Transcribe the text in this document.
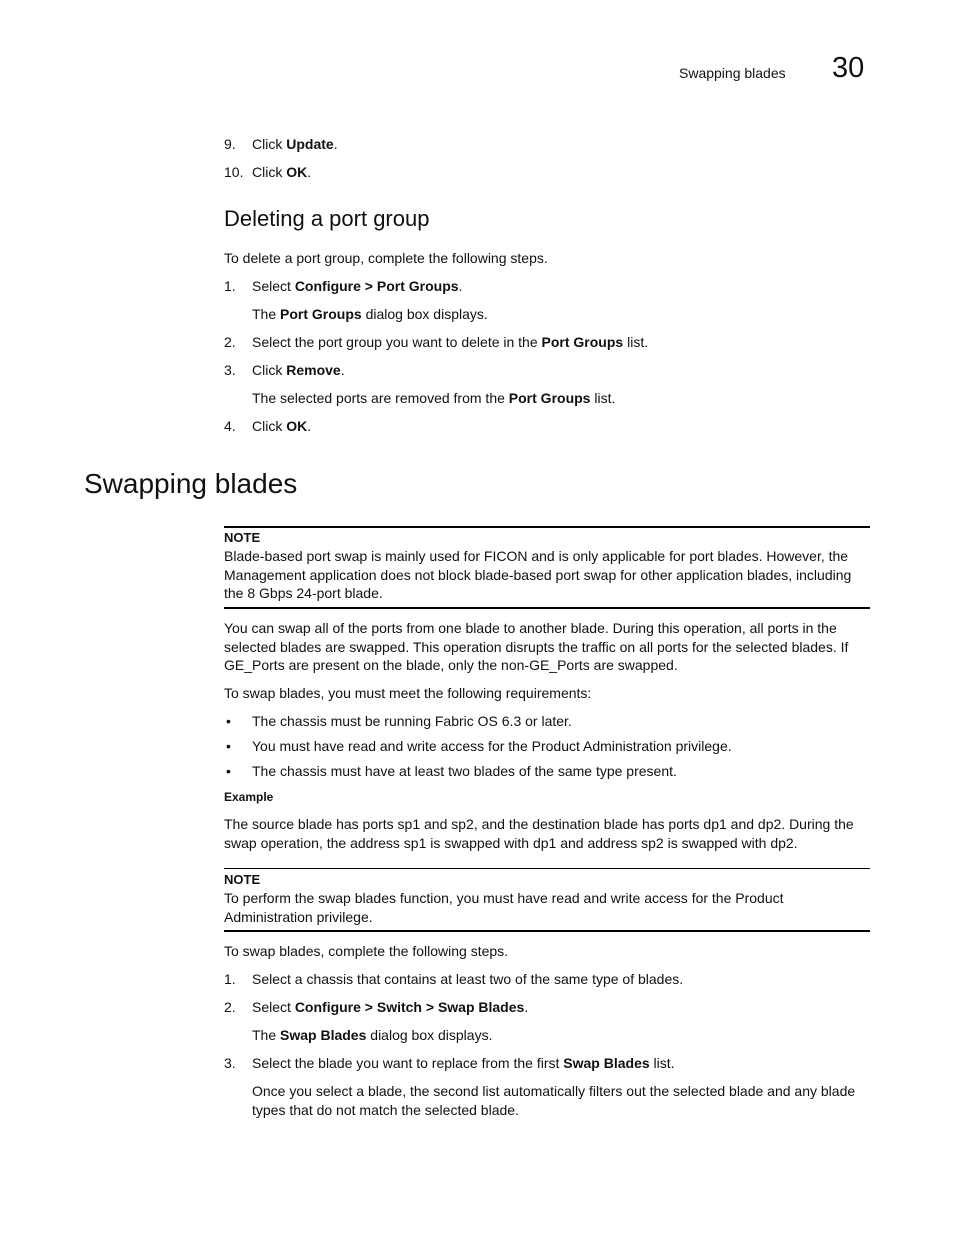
Swapping blades 30
9.	Click Update.
10. Click OK.
Deleting a port group
To delete a port group, complete the following steps.
1.	Select Configure > Port Groups.
The Port Groups dialog box displays.
2.	Select the port group you want to delete in the Port Groups list.
3.	Click Remove.
The selected ports are removed from the Port Groups list.
4.	Click OK.
Swapping blades
NOTE
Blade-based port swap is mainly used for FICON and is only applicable for port blades. However, the Management application does not block blade-based port swap for other application blades, including the 8 Gbps 24-port blade.
You can swap all of the ports from one blade to another blade. During this operation, all ports in the selected blades are swapped. This operation disrupts the traffic on all ports for the selected blades. If GE_Ports are present on the blade, only the non-GE_Ports are swapped.
To swap blades, you must meet the following requirements:
• The chassis must be running Fabric OS 6.3 or later.
• You must have read and write access for the Product Administration privilege.
• The chassis must have at least two blades of the same type present.
Example
The source blade has ports sp1 and sp2, and the destination blade has ports dp1 and dp2. During the swap operation, the address sp1 is swapped with dp1 and address sp2 is swapped with dp2.
NOTE
To perform the swap blades function, you must have read and write access for the Product Administration privilege.
To swap blades, complete the following steps.
1.	Select a chassis that contains at least two of the same type of blades.
2.	Select Configure > Switch > Swap Blades.
The Swap Blades dialog box displays.
3.	Select the blade you want to replace from the first Swap Blades list.
Once you select a blade, the second list automatically filters out the selected blade and any blade types that do not match the selected blade.
